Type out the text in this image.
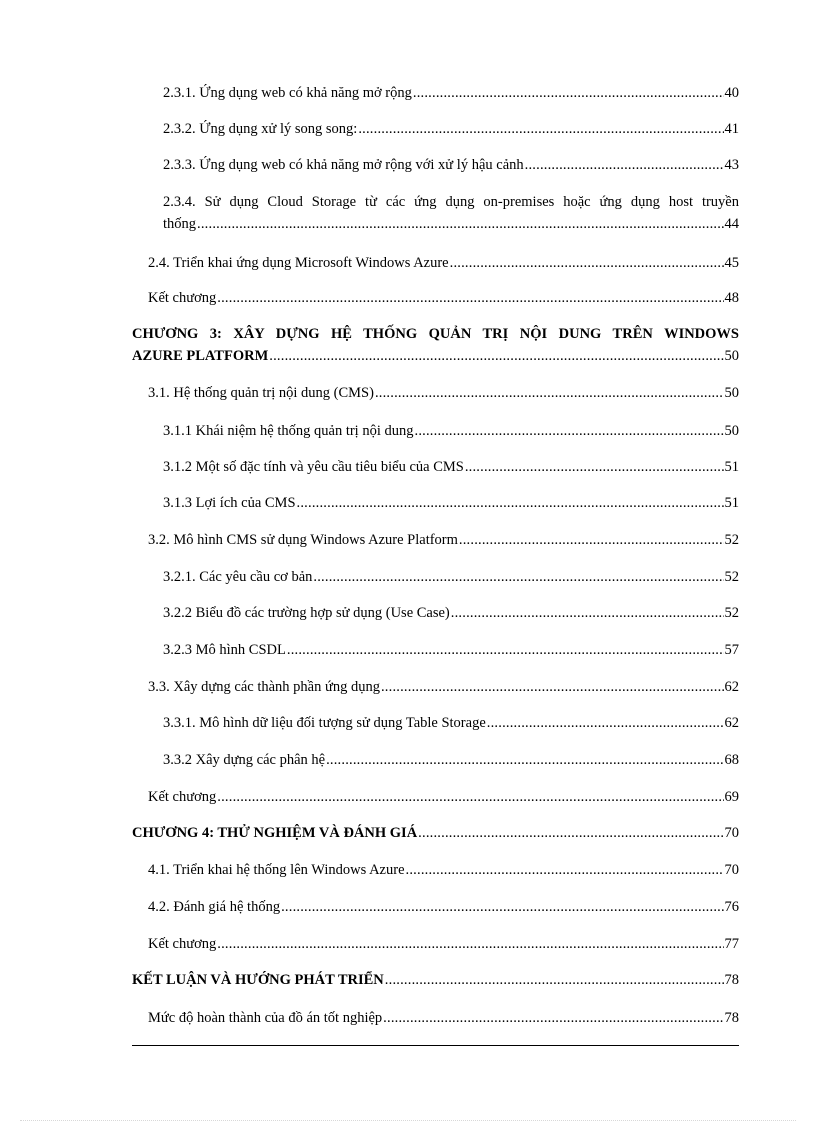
2.3.1. Ứng dụng web có khả năng mở rộng .....	40
2.3.2. Ứng dụng xử lý song song: .....	41
2.3.3. Ứng dụng web có khả năng mở rộng với xử lý hậu cảnh .....	43
2.3.4. Sử dụng Cloud Storage từ các ứng dụng on-premises hoặc ứng dụng host truyền
thống .....	44
2.4. Triển khai ứng dụng Microsoft Windows Azure .....	45
Kết chương .....	48
CHƯƠNG 3: XÂY DỰNG HỆ THỐNG QUẢN TRỊ NỘI DUNG TRÊN WINDOWS
AZURE PLATFORM .....	50
3.1. Hệ thống quản trị nội dung (CMS) .....	50
3.1.1 Khái niệm hệ thống quản trị nội dung .....	50
3.1.2 Một số đặc tính và yêu cầu tiêu biểu của CMS .....	51
3.1.3 Lợi ích của CMS .....	51
3.2. Mô hình CMS sử dụng Windows Azure Platform .....	52
3.2.1. Các yêu cầu cơ bản .....	52
3.2.2 Biểu đồ các trường hợp sử dụng (Use Case) .....	52
3.2.3 Mô hình CSDL .....	57
3.3. Xây dựng các thành phần ứng dụng .....	62
3.3.1. Mô hình dữ liệu đối tượng sử dụng Table Storage .....	62
3.3.2 Xây dựng các phân hệ .....	68
Kết chương .....	69
CHƯƠNG 4: THỬ NGHIỆM VÀ ĐÁNH GIÁ .....	70
4.1. Triển khai hệ thống lên Windows Azure .....	70
4.2. Đánh giá hệ thống .....	76
Kết chương .....	77
KẾT LUẬN VÀ HƯỚNG PHÁT TRIỂN .....	78
Mức độ hoàn thành của đồ án tốt nghiệp .....	78
